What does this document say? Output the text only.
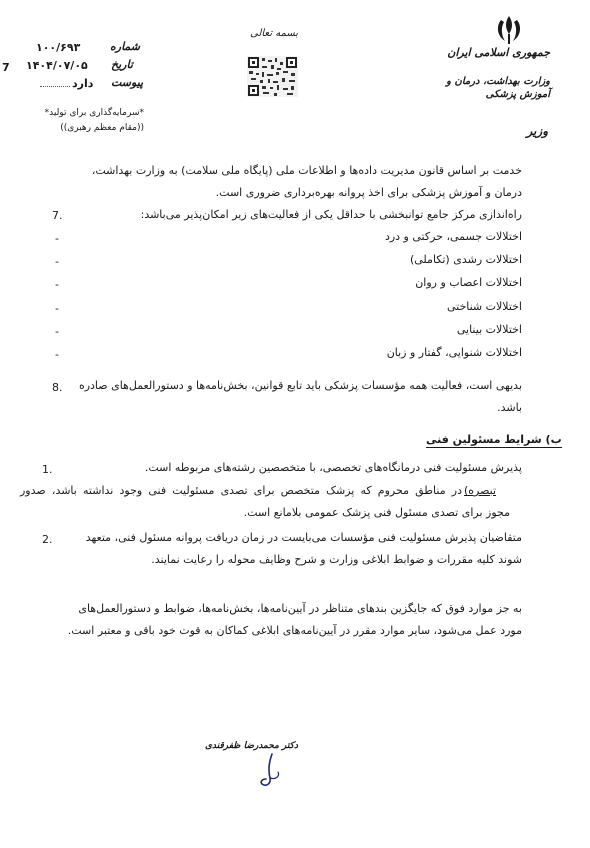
جمهوری اسلامی ایران
وزارت بهداشت، درمان و آموزش پزشکی
وزیر
بسمه تعالی
شماره
۱۰۰/۶۹۳
تاریخ
۱۴۰۴/۰۷/۰۵
7
پیوست
دارد
*سرمایه‌گذاری برای تولید*
((مقام معظم رهبری))
خدمت بر اساس قانون مدیریت داده‌ها و اطلاعات ملی (پایگاه ملی سلامت) به وزارت بهداشت،
درمان و آموزش پزشکی برای اخذ پروانه بهره‌برداری ضروری است.
7.	راه‌اندازی مرکز جامع توانبخشی با حداقل یکی از فعالیت‌های زیر امکان‌پذیر می‌باشد:
-	اختلالات جسمی، حرکتی و درد
-	اختلالات رشدی (تکاملی)
-	اختلالات اعصاب و روان
-	اختلالات شناختی
-	اختلالات بینایی
-	اختلالات شنوایی، گفتار و زبان
8.	بدیهی است، فعالیت همه مؤسسات پزشکی باید تابع قوانین، بخش‌نامه‌ها و دستورالعمل‌های صادره
باشد.
ب) شرایط مسئولین فنی
1.	پذیرش مسئولیت فنی درمانگاه‌های تخصصی، با متخصصین رشته‌های مربوطه است.
تبصره)
در مناطق محروم که پزشک متخصص برای تصدی مسئولیت فنی وجود نداشته باشد، صدور
مجوز برای تصدی مسئول فنی پزشک عمومی بلامانع است.
2.	متقاضیان پذیرش مسئولیت فنی مؤسسات می‌بایست در زمان دریافت پروانه مسئول فنی، متعهد
شوند کلیه مقررات و ضوابط ابلاغی وزارت و شرح وظایف محوله را رعایت نمایند.
به جز موارد فوق که جایگزین بندهای متناظر در آیین‌نامه‌ها، بخش‌نامه‌ها، ضوابط و دستورالعمل‌های
مورد عمل می‌شود، سایر موارد مقرر در آیین‌نامه‌های ابلاغی کماکان به قوت خود باقی و معتبر است.
دکتر محمدرضا ظفرقندی
